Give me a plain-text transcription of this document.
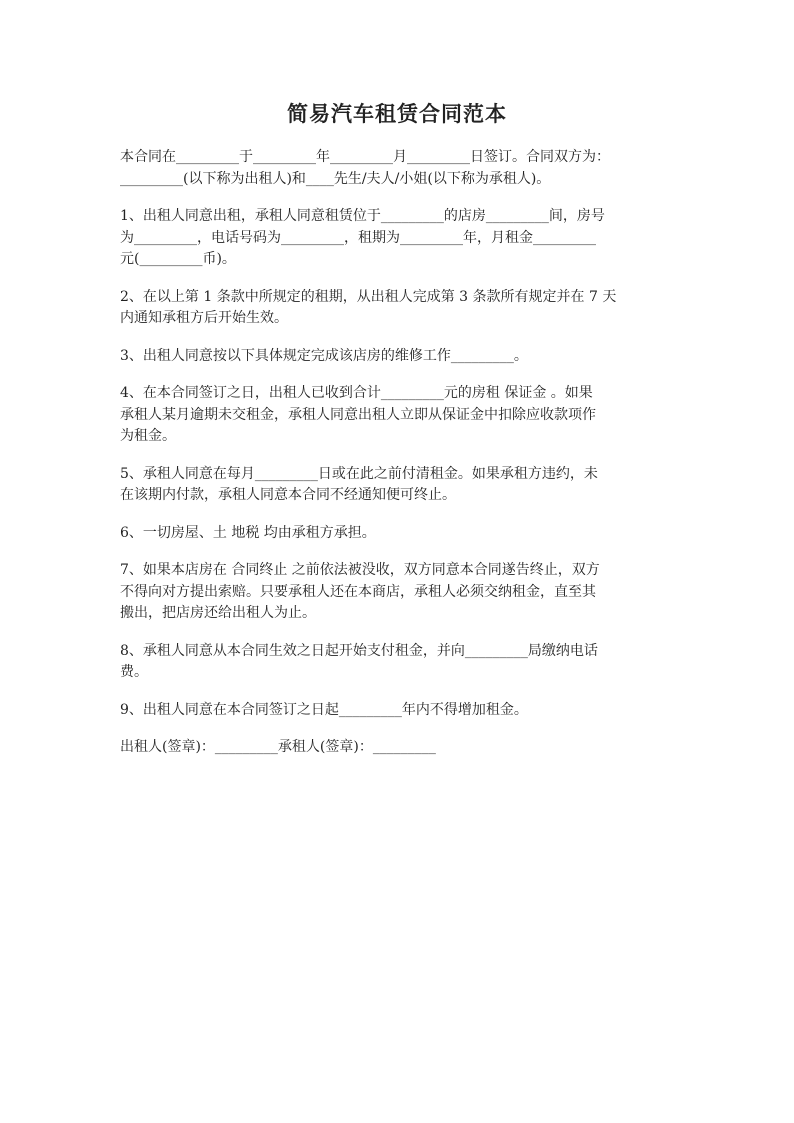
简易汽车租赁合同范本
本合同在_________于_________年_________月_________日签订。合同双方为：
_________(以下称为出租人)和____先生/夫人/小姐(以下称为承租人)。
1、出租人同意出租，承租人同意租赁位于_________的店房_________间，房号
为_________，电话号码为_________，租期为_________年，月租金_________
元(_________币)。
2、在以上第 1 条款中所规定的租期，从出租人完成第 3 条款所有规定并在 7 天
内通知承租方后开始生效。
3、出租人同意按以下具体规定完成该店房的维修工作_________。
4、在本合同签订之日，出租人已收到合计_________元的房租 保证金 。如果
承租人某月逾期未交租金，承租人同意出租人立即从保证金中扣除应收款项作
为租金。
5、承租人同意在每月_________日或在此之前付清租金。如果承租方违约，未
在该期内付款，承租人同意本合同不经通知便可终止。
6、一切房屋、土 地税 均由承租方承担。
7、如果本店房在 合同终止 之前依法被没收，双方同意本合同遂告终止，双方
不得向对方提出索赔。只要承租人还在本商店，承租人必须交纳租金，直至其
搬出，把店房还给出租人为止。
8、承租人同意从本合同生效之日起开始支付租金，并向_________局缴纳电话
费。
9、出租人同意在本合同签订之日起_________年内不得增加租金。
出租人(签章)：_________承租人(签章)：_________
